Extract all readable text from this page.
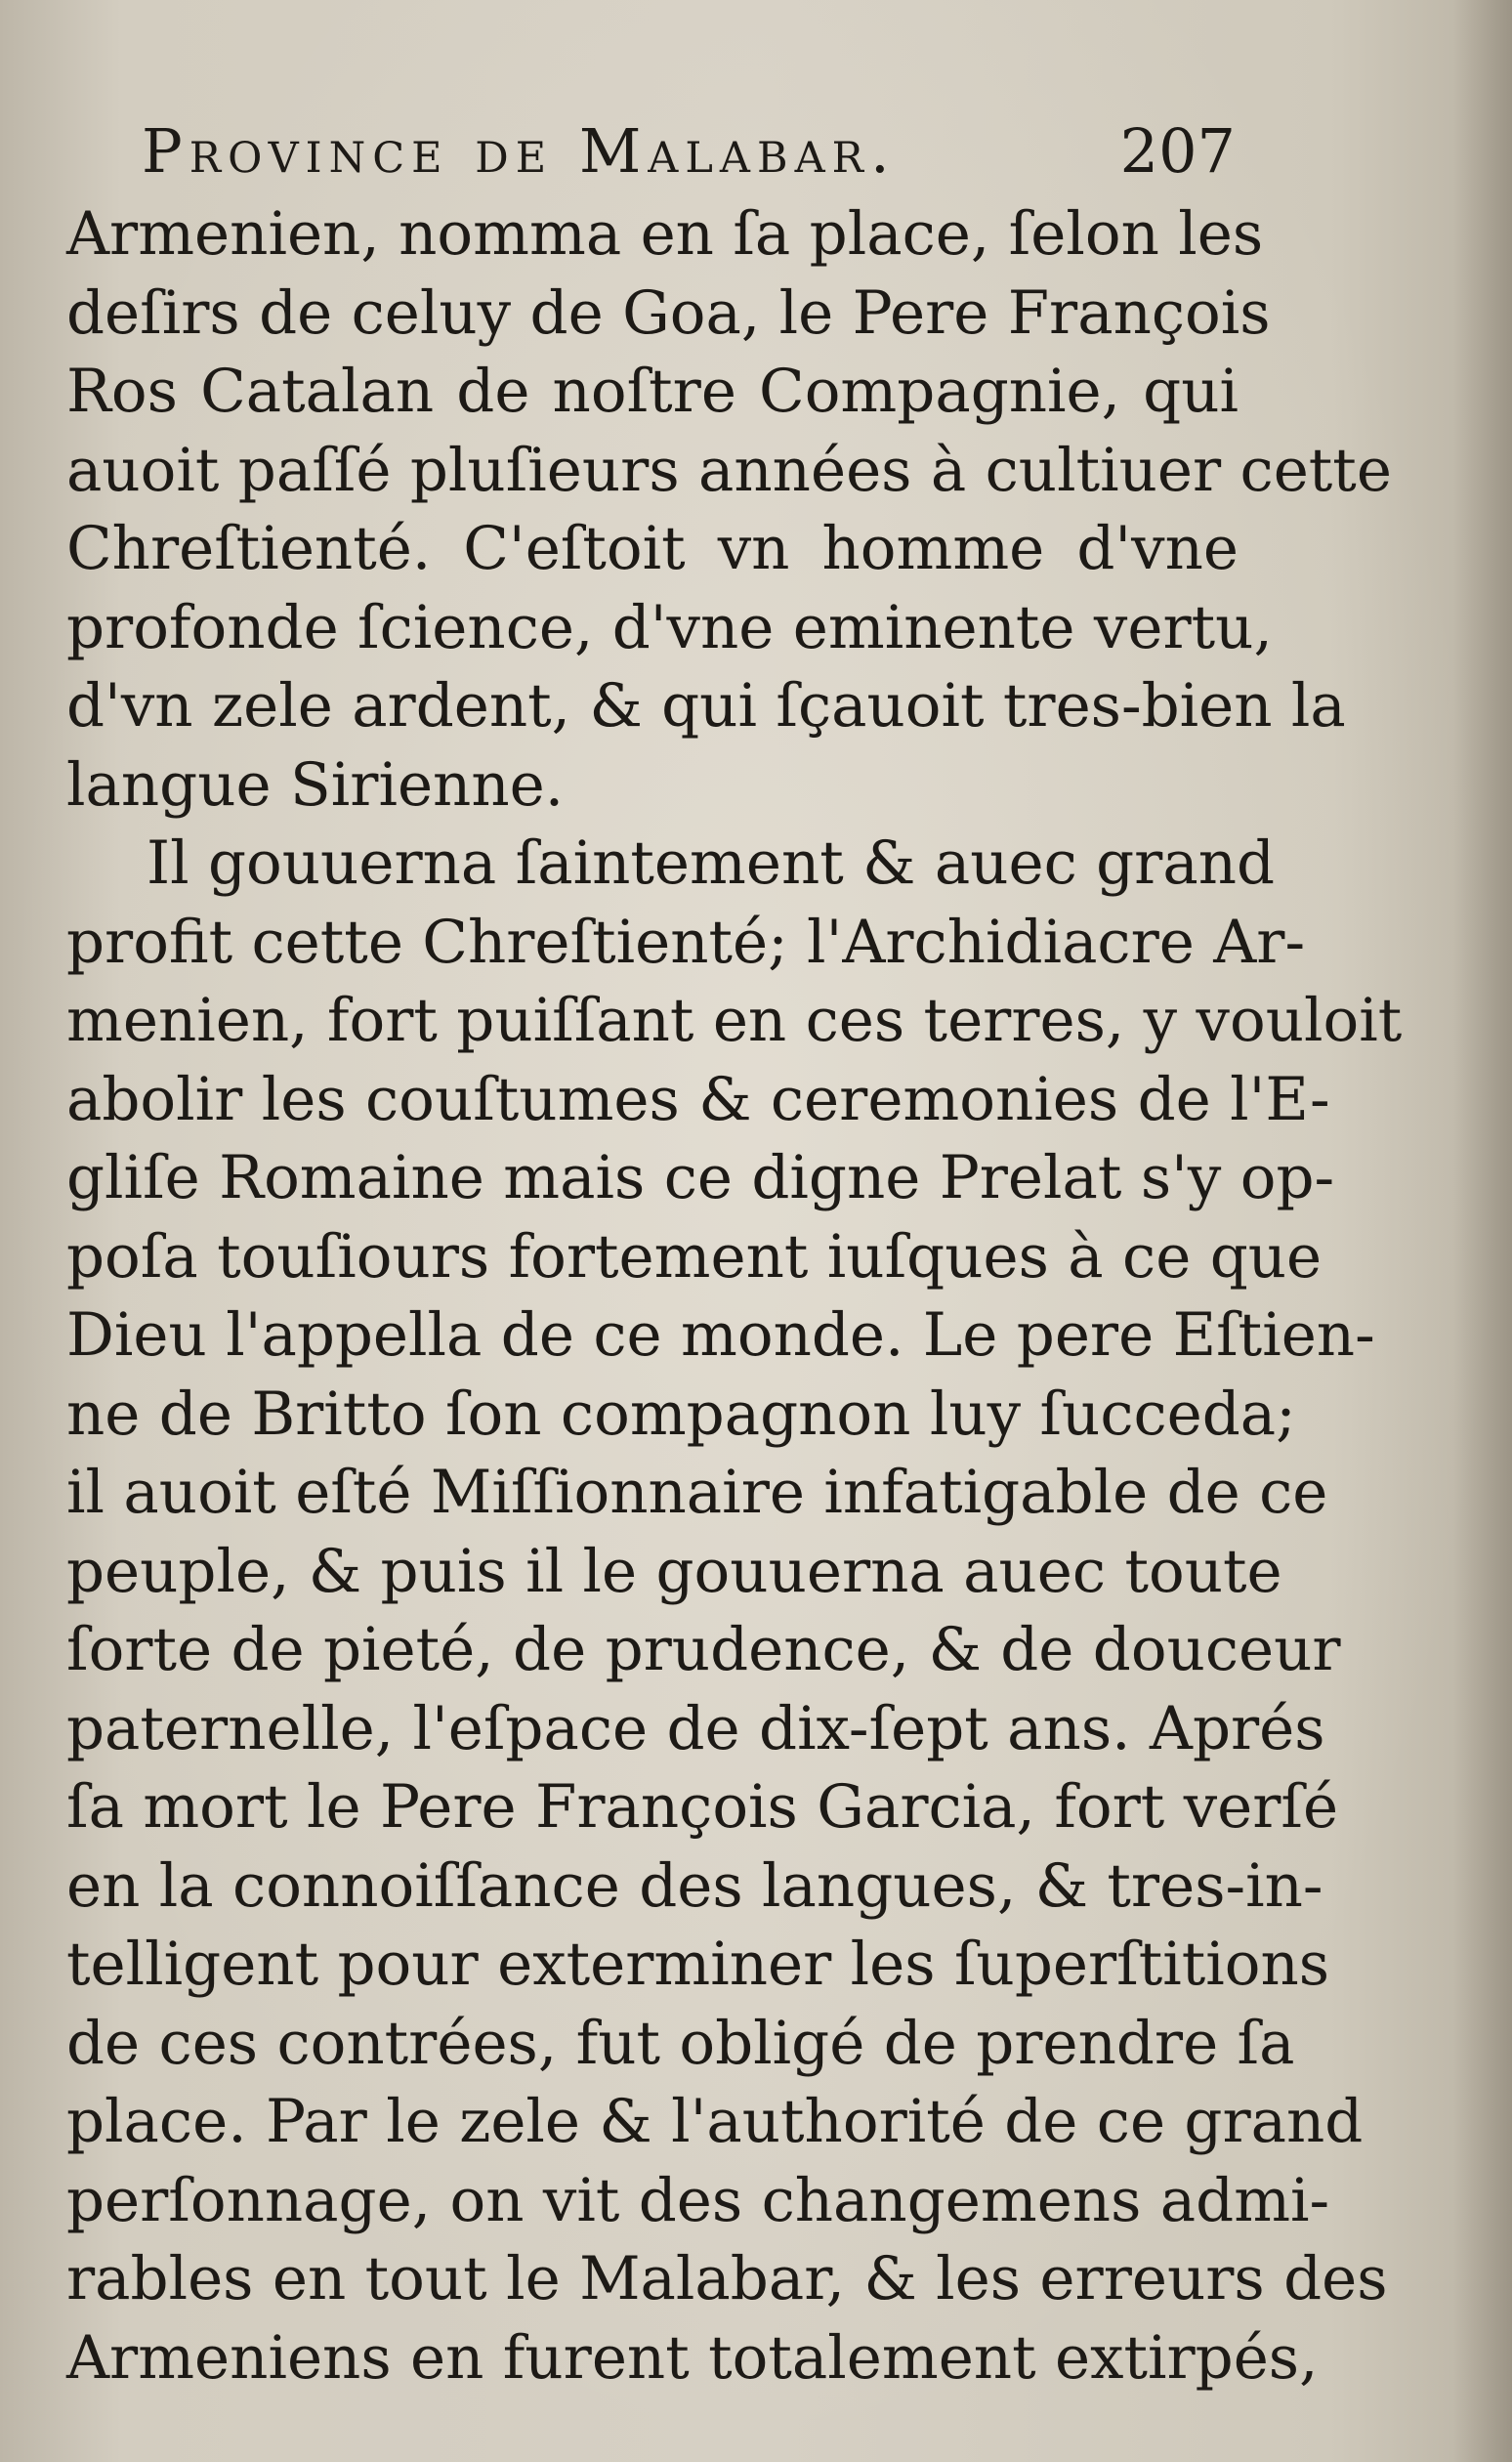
Province de Malabar.	207
Armenien, nomma en ſa place, ſelon les
deſirs de celuy de Goa, le Pere François
Ros Catalan de noſtre Compagnie, qui
auoit paſſé pluſieurs années à cultiuer cette
Chreſtienté. C'eſtoit vn homme d'vne
profonde ſcience, d'vne eminente vertu,
d'vn zele ardent, & qui ſçauoit tres-bien la
langue Sirienne.
Il gouuerna ſaintement & auec grand
profit cette Chreſtienté; l'Archidiacre Ar-
menien, fort puiſſant en ces terres, y vouloit
abolir les couſtumes & ceremonies de l'E-
gliſe Romaine mais ce digne Prelat s'y op-
poſa touſiours fortement iuſques à ce que
Dieu l'appella de ce monde. Le pere Eſtien-
ne de Britto ſon compagnon luy ſucceda;
il auoit eſté Miſſionnaire infatigable de ce
peuple, & puis il le gouuerna auec toute
ſorte de pieté, de prudence, & de douceur
paternelle, l'eſpace de dix-ſept ans. Aprés
ſa mort le Pere François Garcia, fort verſé
en la connoiſſance des langues, & tres-in-
telligent pour exterminer les ſuperſtitions
de ces contrées, fut obligé de prendre ſa
place. Par le zele & l'authorité de ce grand
perſonnage, on vit des changemens admi-
rables en tout le Malabar, & les erreurs des
Armeniens en furent totalement extirpés,
